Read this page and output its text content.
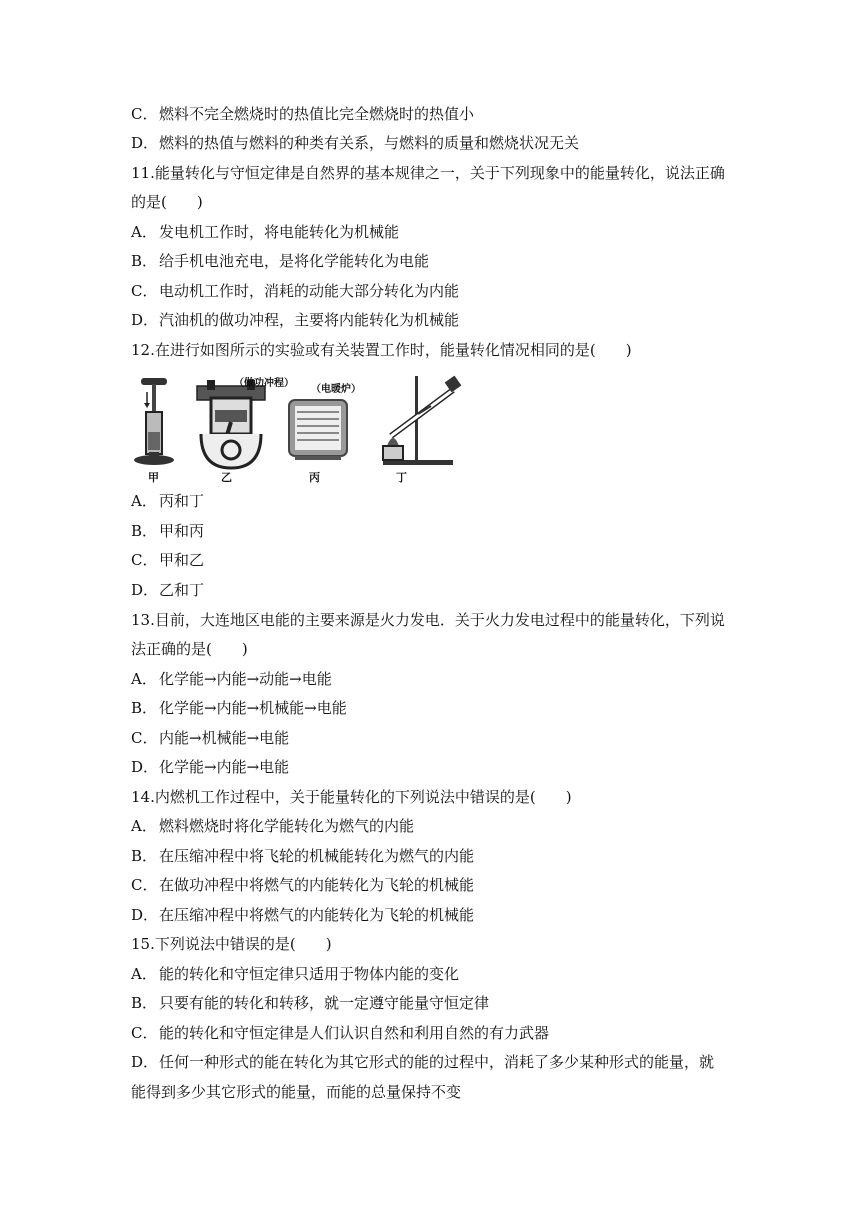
C． 燃料不完全燃烧时的热值比完全燃烧时的热值小
D．燃料的热值与燃料的种类有关系，与燃料的质量和燃烧状况无关
11.能量转化与守恒定律是自然界的基本规律之一，关于下列现象中的能量转化，说法正确
的是(　　)
A． 发电机工作时，将电能转化为机械能
B． 给手机电池充电，是将化学能转化为电能
C． 电动机工作时，消耗的动能大部分转化为内能
D．汽油机的做功冲程，主要将内能转化为机械能
12.在进行如图所示的实验或有关装置工作时，能量转化情况相同的是(　　)
甲	乙
（做功冲程）
丙
（电暖炉）
丁
A． 丙和丁
B． 甲和丙
C． 甲和乙
D．乙和丁
13.目前，大连地区电能的主要来源是火力发电．关于火力发电过程中的能量转化，下列说
法正确的是(　　)
A． 化学能→内能→动能→电能
B． 化学能→内能→机械能→电能
C． 内能→机械能→电能
D．化学能→内能→电能
14.内燃机工作过程中，关于能量转化的下列说法中错误的是(　　)
A． 燃料燃烧时将化学能转化为燃气的内能
B． 在压缩冲程中将飞轮的机械能转化为燃气的内能
C． 在做功冲程中将燃气的内能转化为飞轮的机械能
D．在压缩冲程中将燃气的内能转化为飞轮的机械能
15.下列说法中错误的是(　　)
A． 能的转化和守恒定律只适用于物体内能的变化
B． 只要有能的转化和转移，就一定遵守能量守恒定律
C． 能的转化和守恒定律是人们认识自然和利用自然的有力武器
D．任何一种形式的能在转化为其它形式的能的过程中，消耗了多少某种形式的能量，就
能得到多少其它形式的能量，而能的总量保持不变
